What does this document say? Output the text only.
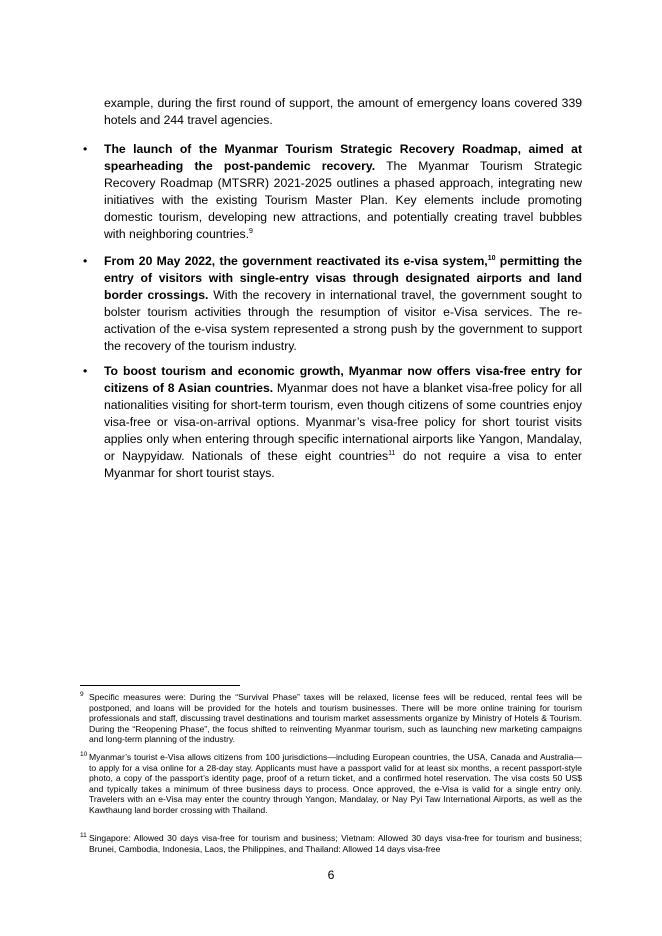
example, during the first round of support, the amount of emergency loans covered 339 hotels and 244 travel agencies.

• The launch of the Myanmar Tourism Strategic Recovery Roadmap, aimed at spearheading the post-pandemic recovery. The Myanmar Tourism Strategic Recovery Roadmap (MTSRR) 2021-2025 outlines a phased approach, integrating new initiatives with the existing Tourism Master Plan. Key elements include promoting domestic tourism, developing new attractions, and potentially creating travel bubbles with neighboring countries.$^9$

• From 20 May 2022, the government reactivated its e-visa system,$^{10}$ permitting the entry of visitors with single-entry visas through designated airports and land border crossings. With the recovery in international travel, the government sought to bolster tourism activities through the resumption of visitor e-Visa services. The re-activation of the e-visa system represented a strong push by the government to support the recovery of the tourism industry.

• To boost tourism and economic growth, Myanmar now offers visa-free entry for citizens of 8 Asian countries. Myanmar does not have a blanket visa-free policy for all nationalities visiting for short-term tourism, even though citizens of some countries enjoy visa-free or visa-on-arrival options. Myanmar’s visa-free policy for short tourist visits applies only when entering through specific international airports like Yangon, Mandalay, or Naypyidaw. Nationals of these eight countries$^{11}$ do not require a visa to enter Myanmar for short tourist stays.

9 Specific measures were: During the “Survival Phase” taxes will be relaxed, license fees will be reduced, rental fees will be postponed, and loans will be provided for the hotels and tourism businesses. There will be more online training for tourism professionals and staff, discussing travel destinations and tourism market assessments organize by Ministry of Hotels & Tourism. During the “Reopening Phase”, the focus shifted to reinventing Myanmar tourism, such as launching new marketing campaigns and long-term planning of the industry.
10 Myanmar’s tourist e-Visa allows citizens from 100 jurisdictions—including European countries, the USA, Canada and Australia—to apply for a visa online for a 28-day stay. Applicants must have a passport valid for at least six months, a recent passport-style photo, a copy of the passport’s identity page, proof of a return ticket, and a confirmed hotel reservation. The visa costs 50 US$ and typically takes a minimum of three business days to process. Once approved, the e-Visa is valid for a single entry only. Travelers with an e-Visa may enter the country through Yangon, Mandalay, or Nay Pyi Taw International Airports, as well as the Kawthaung land border crossing with Thailand.
11 Singapore: Allowed 30 days visa-free for tourism and business; Vietnam: Allowed 30 days visa-free for tourism and business; Brunei, Cambodia, Indonesia, Laos, the Philippines, and Thailand: Allowed 14 days visa-free
6
